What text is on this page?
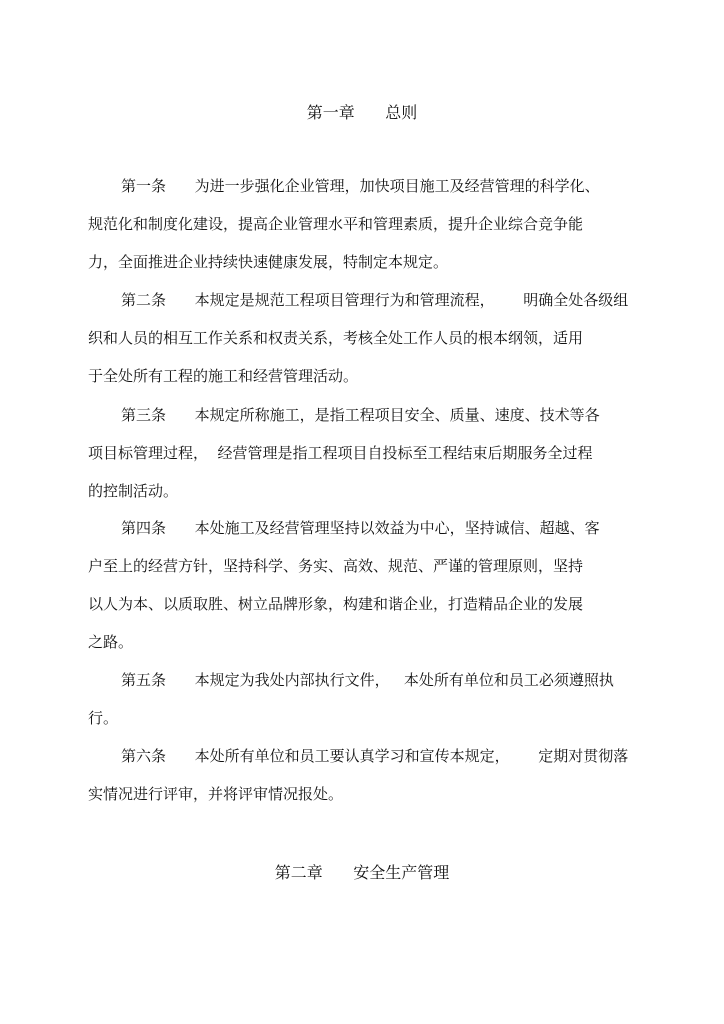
第一章      总则
第一条      为进一步强化企业管理，加快项目施工及经营管理的科学化、
规范化和制度化建设，提高企业管理水平和管理素质，提升企业综合竞争能
力，全面推进企业持续快速健康发展，特制定本规定。
第二条      本规定是规范工程项目管理行为和管理流程，      明确全处各级组
织和人员的相互工作关系和权责关系，考核全处工作人员的根本纲领，适用
于全处所有工程的施工和经营管理活动。
第三条      本规定所称施工，是指工程项目安全、质量、速度、技术等各
项目标管理过程，  经营管理是指工程项目自投标至工程结束后期服务全过程
的控制活动。
第四条      本处施工及经营管理坚持以效益为中心，坚持诚信、超越、客
户至上的经营方针，坚持科学、务实、高效、规范、严谨的管理原则，坚持
以人为本、以质取胜、树立品牌形象，构建和谐企业，打造精品企业的发展
之路。
第五条      本规定为我处内部执行文件，   本处所有单位和员工必须遵照执
行。
第六条      本处所有单位和员工要认真学习和宣传本规定，      定期对贯彻落
实情况进行评审，并将评审情况报处。
第二章      安全生产管理
